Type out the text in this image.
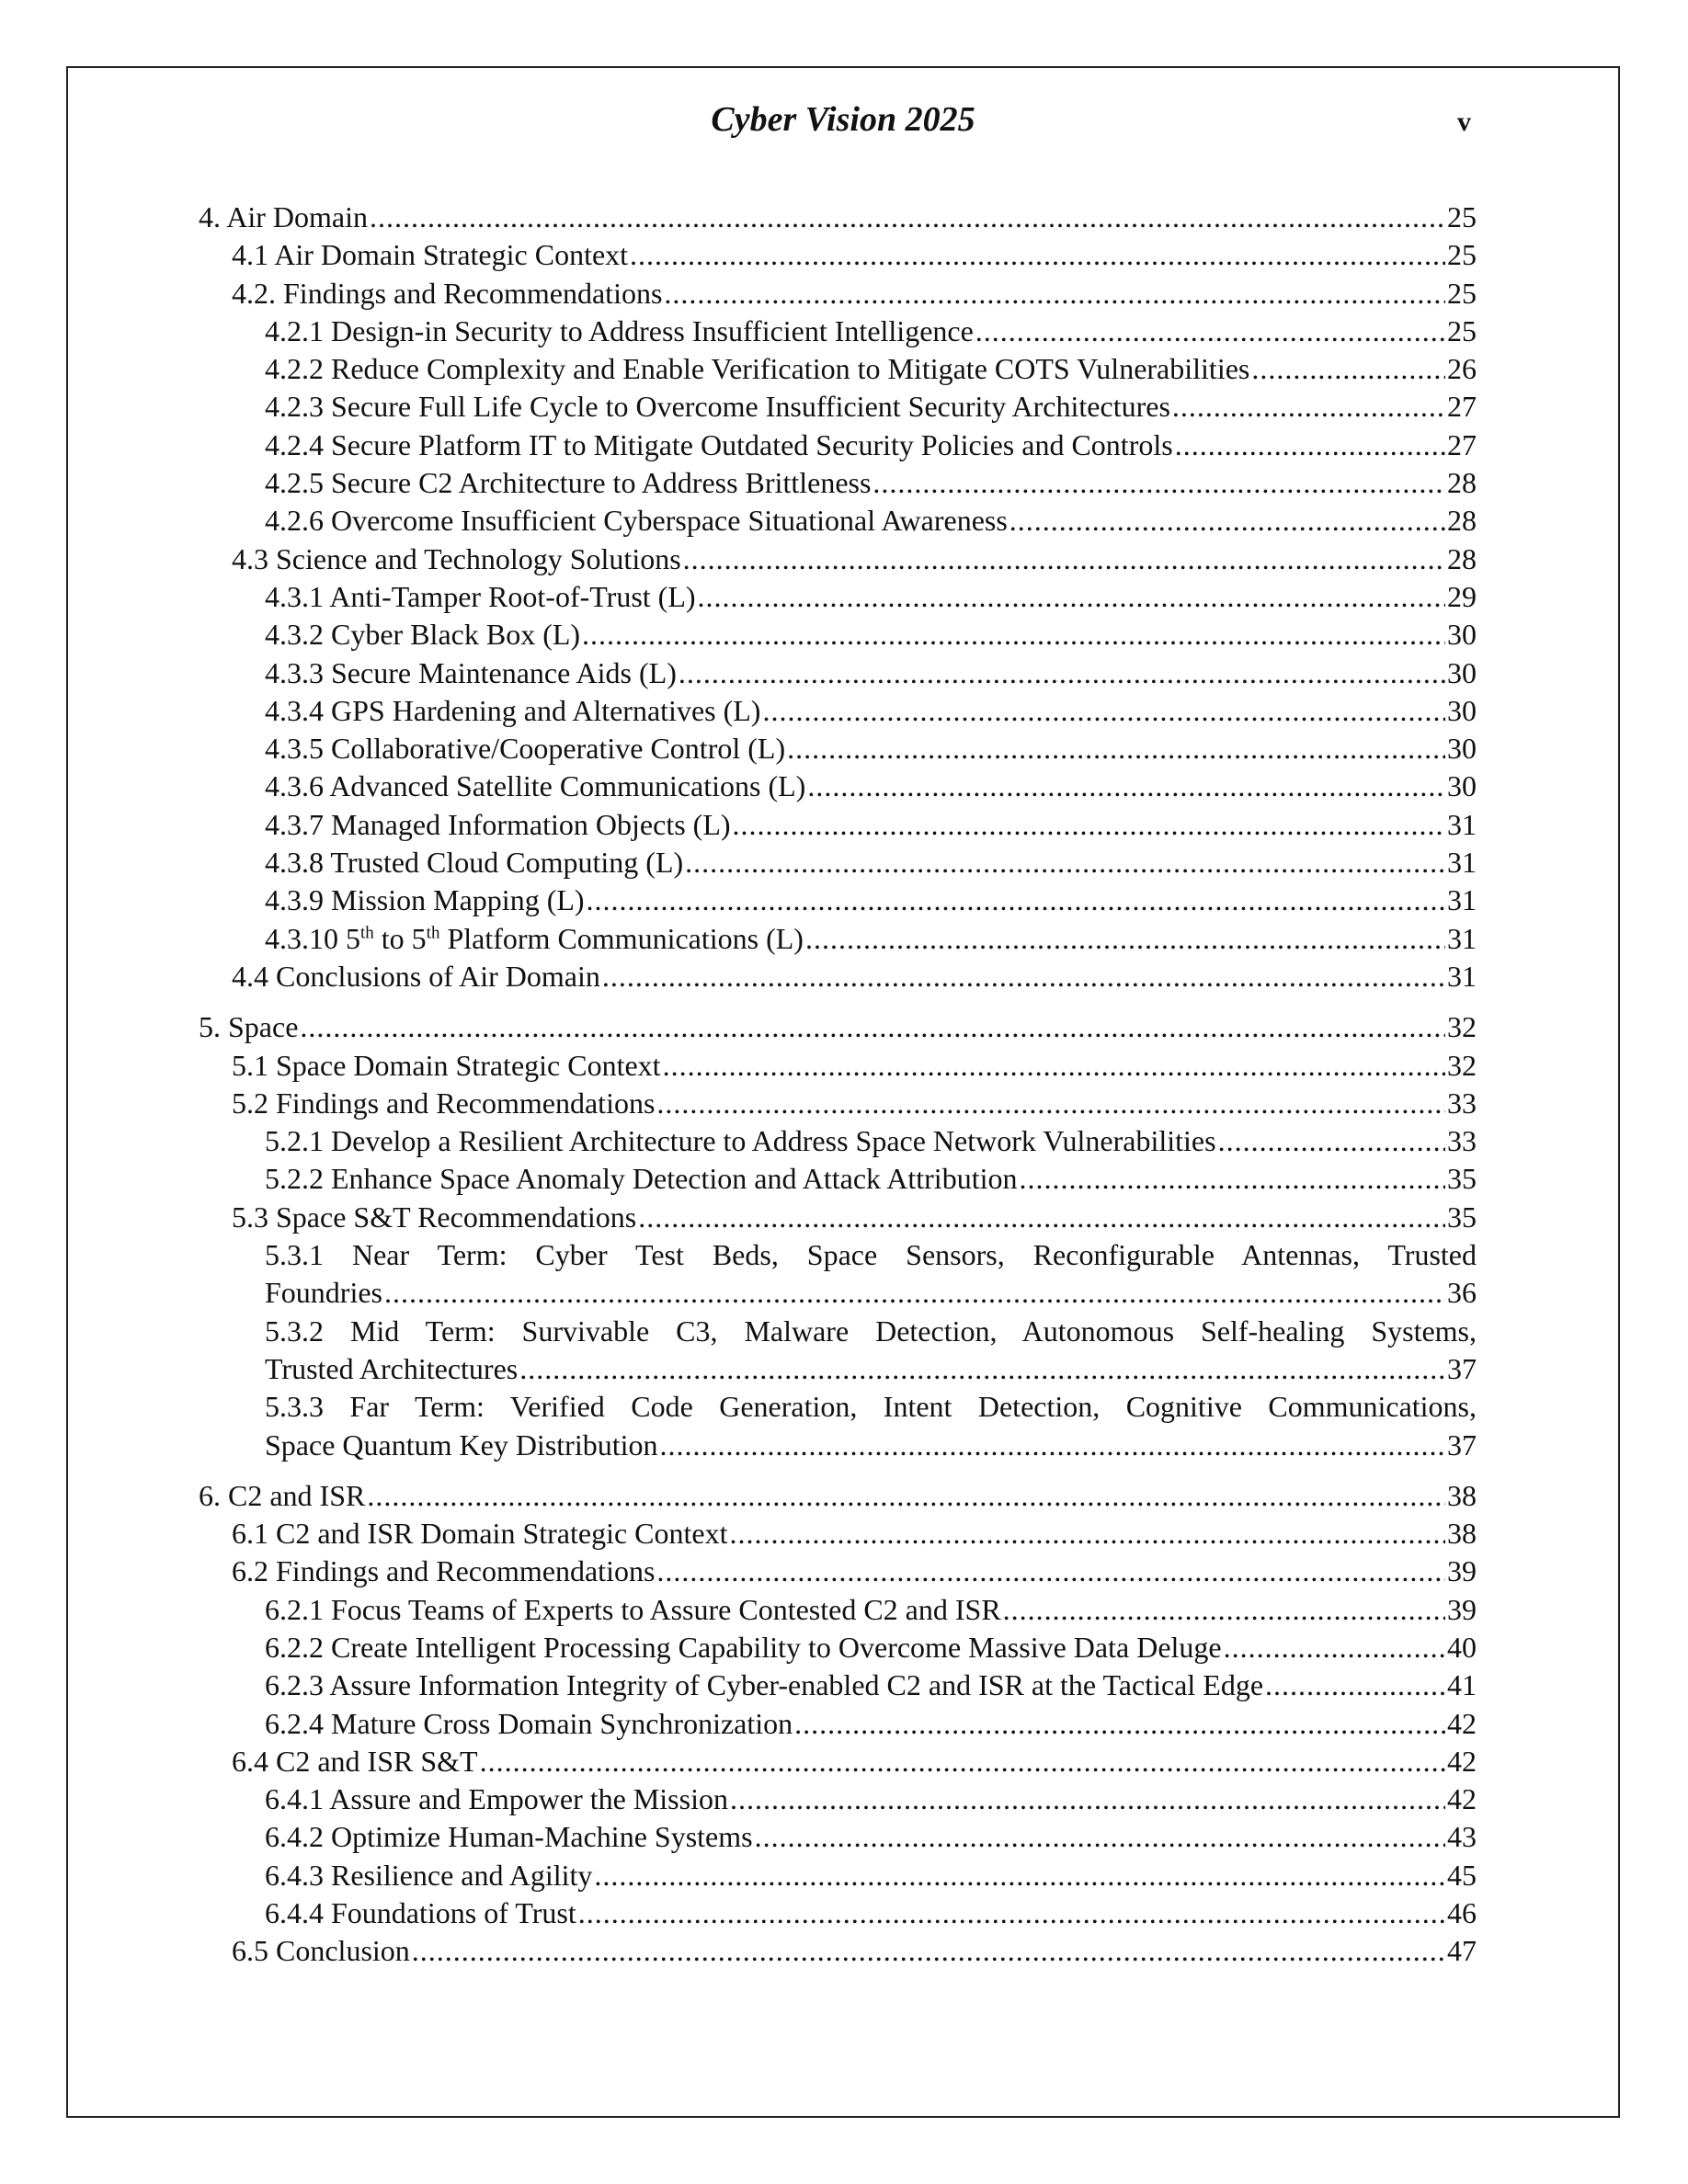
Cyber Vision 2025	v
4. Air Domain .....	25
4.1 Air Domain Strategic Context .....	25
4.2. Findings and Recommendations .....	25
4.2.1 Design-in Security to Address Insufficient Intelligence .....	25
4.2.2 Reduce Complexity and Enable Verification to Mitigate COTS Vulnerabilities .....	26
4.2.3 Secure Full Life Cycle to Overcome Insufficient Security Architectures .....	27
4.2.4 Secure Platform IT to Mitigate Outdated Security Policies and Controls .....	27
4.2.5 Secure C2 Architecture to Address Brittleness .....	28
4.2.6 Overcome Insufficient Cyberspace Situational Awareness .....	28
4.3 Science and Technology Solutions .....	28
4.3.1 Anti-Tamper Root-of-Trust (L) .....	29
4.3.2 Cyber Black Box (L) .....	30
4.3.3 Secure Maintenance Aids (L) .....	30
4.3.4 GPS Hardening and Alternatives (L) .....	30
4.3.5 Collaborative/Cooperative Control (L) .....	30
4.3.6 Advanced Satellite Communications (L) .....	30
4.3.7 Managed Information Objects (L) .....	31
4.3.8 Trusted Cloud Computing (L) .....	31
4.3.9 Mission Mapping (L) .....	31
4.3.10 5th to 5th Platform Communications (L) .....	31
4.4 Conclusions of Air Domain .....	31
5. Space .....	32
5.1 Space Domain Strategic Context .....	32
5.2 Findings and Recommendations .....	33
5.2.1 Develop a Resilient Architecture to Address Space Network Vulnerabilities .....	33
5.2.2 Enhance Space Anomaly Detection and Attack Attribution .....	35
5.3 Space S&T Recommendations .....	35
5.3.1 Near Term: Cyber Test Beds, Space Sensors, Reconfigurable Antennas, Trusted
Foundries .....	36
5.3.2 Mid Term: Survivable C3, Malware Detection, Autonomous Self-healing Systems,
Trusted Architectures .....	37
5.3.3 Far Term: Verified Code Generation, Intent Detection, Cognitive Communications,
Space Quantum Key Distribution .....	37
6. C2 and ISR .....	38
6.1 C2 and ISR Domain Strategic Context .....	38
6.2 Findings and Recommendations .....	39
6.2.1 Focus Teams of Experts to Assure Contested C2 and ISR .....	39
6.2.2 Create Intelligent Processing Capability to Overcome Massive Data Deluge .....	40
6.2.3 Assure Information Integrity of Cyber-enabled C2 and ISR at the Tactical Edge .....	41
6.2.4 Mature Cross Domain Synchronization .....	42
6.4 C2 and ISR S&T .....	42
6.4.1 Assure and Empower the Mission .....	42
6.4.2 Optimize Human-Machine Systems .....	43
6.4.3 Resilience and Agility .....	45
6.4.4 Foundations of Trust .....	46
6.5 Conclusion .....	47
